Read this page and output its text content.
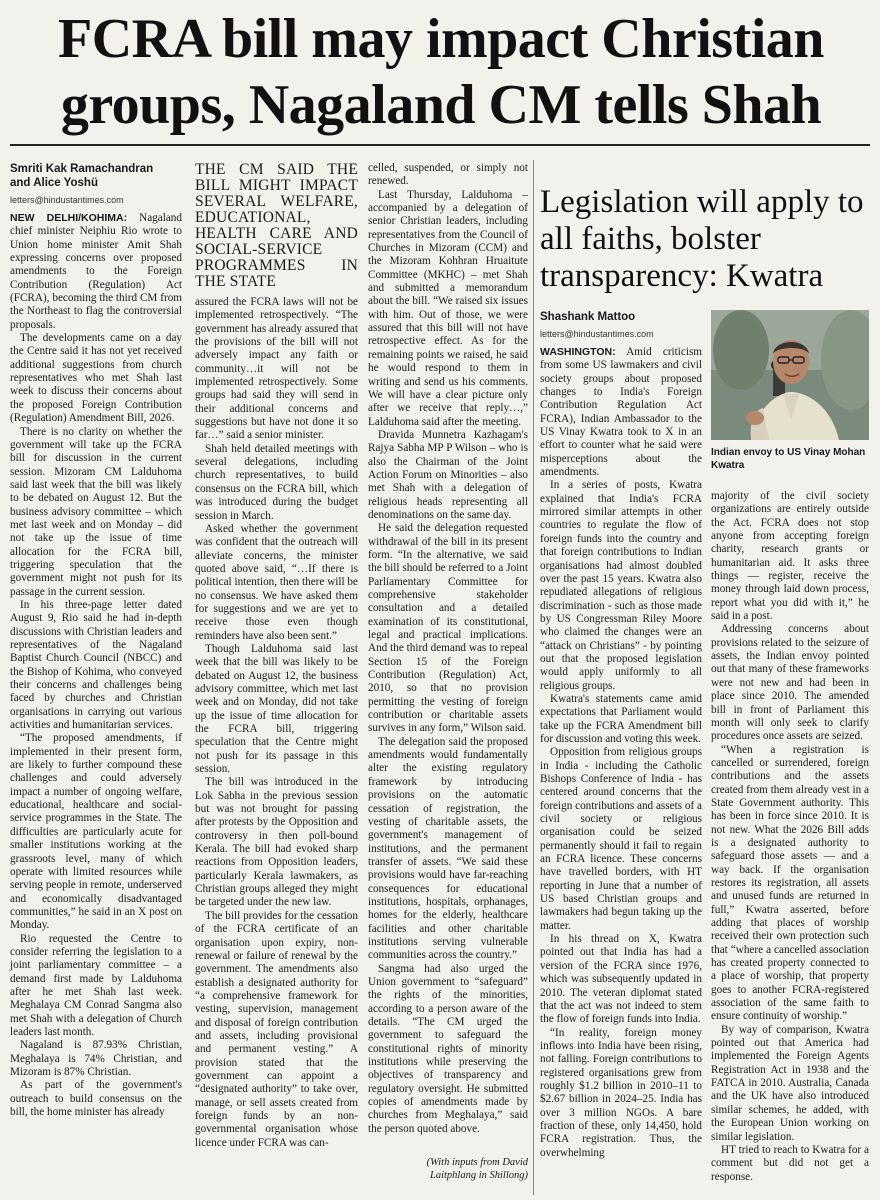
FCRA bill may impact Christian
groups, Nagaland CM tells Shah
Smriti Kak Ramachandran
and Alice Yoshü
letters@hindustantimes.com

NEW DELHI/KOHIMA: Nagaland chief minister Neiphiu Rio wrote to Union home minister Amit Shah expressing concerns over proposed amendments to the Foreign Contribution (Regulation) Act (FCRA), becoming the third CM from the Northeast to flag the controversial proposals.

The developments came on a day the Centre said it has not yet received additional suggestions from church representatives who met Shah last week to discuss their concerns about the proposed Foreign Contribution (Regulation) Amendment Bill, 2026.

There is no clarity on whether the government will take up the FCRA bill for discussion in the current session. Mizoram CM Lalduhoma said last week that the bill was likely to be debated on August 12. But the business advisory committee – which met last week and on Monday – did not take up the issue of time allocation for the FCRA bill, triggering speculation that the government might not push for its passage in the current session.

In his three-page letter dated August 9, Rio said he had in-depth discussions with Christian leaders and representatives of the Nagaland Baptist Church Council (NBCC) and the Bishop of Kohima, who conveyed their concerns and challenges being faced by churches and Christian organisations in carrying out various activities and humanitarian services.

“The proposed amendments, if implemented in their present form, are likely to further compound these challenges and could adversely impact a number of ongoing welfare, educational, healthcare and social-service programmes in the State. The difficulties are particularly acute for smaller institutions working at the grassroots level, many of which operate with limited resources while serving people in remote, underserved and economically disadvantaged communities,” he said in an X post on Monday.

Rio requested the Centre to consider referring the legislation to a joint parliamentary committee – a demand first made by Lalduhoma after he met Shah last week. Meghalaya CM Conrad Sangma also met Shah with a delegation of Church leaders last month.

Nagaland is 87.93% Christian, Meghalaya is 74% Christian, and Mizoram is 87% Christian.

As part of the government's outreach to build consensus on the bill, the home minister has already

THE CM SAID THE BILL MIGHT IMPACT SEVERAL WELFARE, EDUCATIONAL, HEALTH CARE AND SOCIAL-SERVICE PROGRAMMES IN THE STATE

assured the FCRA laws will not be implemented retrospectively. “The government has already assured that the provisions of the bill will not adversely impact any faith or community…it will not be implemented retrospectively. Some groups had said they will send in their additional concerns and suggestions but have not done it so far…” said a senior minister.

Shah held detailed meetings with several delegations, including church representatives, to build consensus on the FCRA bill, which was introduced during the budget session in March.

Asked whether the government was confident that the outreach will alleviate concerns, the minister quoted above said, “…If there is political intention, then there will be no consensus. We have asked them for suggestions and we are yet to receive those even though reminders have also been sent.”

Though Lalduhoma said last week that the bill was likely to be debated on August 12, the business advisory committee, which met last week and on Monday, did not take up the issue of time allocation for the FCRA bill, triggering speculation that the Centre might not push for its passage in this session.

The bill was introduced in the Lok Sabha in the previous session but was not brought for passing after protests by the Opposition and controversy in then poll-bound Kerala. The bill had evoked sharp reactions from Opposition leaders, particularly Kerala lawmakers, as Christian groups alleged they might be targeted under the new law.

The bill provides for the cessation of the FCRA certificate of an organisation upon expiry, non-renewal or failure of renewal by the government. The amendments also establish a designated authority for “a comprehensive framework for vesting, supervision, management and disposal of foreign contribution and assets, including provisional and permanent vesting.” A provision stated that the government can appoint a “designated authority” to take over, manage, or sell assets created from foreign funds by an non-governmental organisation whose licence under FCRA was can-

celled, suspended, or simply not renewed.

Last Thursday, Lalduhoma – accompanied by a delegation of senior Christian leaders, including representatives from the Council of Churches in Mizoram (CCM) and the Mizoram Kohhran Hruaitute Committee (MKHC) – met Shah and submitted a memorandum about the bill. “We raised six issues with him. Out of those, we were assured that this bill will not have retrospective effect. As for the remaining points we raised, he said he would respond to them in writing and send us his comments. We will have a clear picture only after we receive that reply…,” Lalduhoma said after the meeting.

Dravida Munnetra Kazhagam's Rajya Sabha MP P Wilson – who is also the Chairman of the Joint Action Forum on Minorities – also met Shah with a delegation of religious heads representing all denominations on the same day.

He said the delegation requested withdrawal of the bill in its present form. “In the alternative, we said the bill should be referred to a Joint Parliamentary Committee for comprehensive stakeholder consultation and a detailed examination of its constitutional, legal and practical implications. And the third demand was to repeal Section 15 of the Foreign Contribution (Regulation) Act, 2010, so that no provision permitting the vesting of foreign contribution or charitable assets survives in any form,” Wilson said.

The delegation said the proposed amendments would fundamentally alter the existing regulatory framework by introducing provisions on the automatic cessation of registration, the vesting of charitable assets, the government's management of institutions, and the permanent transfer of assets. “We said these provisions would have far-reaching consequences for educational institutions, hospitals, orphanages, homes for the elderly, healthcare facilities and other charitable institutions serving vulnerable communities across the country.”

Sangma had also urged the Union government to “safeguard” the rights of the minorities, according to a person aware of the details. “The CM urged the government to safeguard the constitutional rights of minority institutions while preserving the objectives of transparency and regulatory oversight. He submitted copies of amendments made by churches from Meghalaya,” said the person quoted above.

(With inputs from David Laitphlang in Shillong)
Legislation will apply to all faiths, bolster transparency: Kwatra
Shashank Mattoo
letters@hindustantimes.com

WASHINGTON: Amid criticism from some US lawmakers and civil society groups about proposed changes to India's Foreign Contribution Regulation Act FCRA), Indian Ambassador to the US Vinay Kwatra took to X in an effort to counter what he said were misperceptions about the amendments.

In a series of posts, Kwatra explained that India's FCRA mirrored similar attempts in other countries to regulate the flow of foreign funds into the country and that foreign contributions to Indian organisations had almost doubled over the past 15 years. Kwatra also repudiated allegations of religious discrimination - such as those made by US Congressman Riley Moore who claimed the changes were an “attack on Christians” - by pointing out that the proposed legislation would apply uniformly to all religious groups.

Kwatra's statements came amid expectations that Parliament would take up the FCRA Amendment bill for discussion and voting this week.

Opposition from religious groups in India - including the Catholic Bishops Conference of India - has centered around concerns that the foreign contributions and assets of a civil society or religious organisation could be seized permanently should it fail to regain an FCRA licence. These concerns have travelled borders, with HT reporting in June that a number of US based Christian groups and lawmakers had begun taking up the matter.

In his thread on X, Kwatra pointed out that India has had a version of the FCRA since 1976, which was subsequently updated in 2010. The veteran diplomat stated that the act was not indeed to stem the flow of foreign funds into India.

“In reality, foreign money inflows into India have been rising, not falling. Foreign contributions to registered organisations grew from roughly $1.2 billion in 2010–11 to $2.67 billion in 2024–25. India has over 3 million NGOs. A bare fraction of these, only 14,450, hold FCRA registration. Thus, the overwhelming

Indian envoy to US Vinay Mohan Kwatra

majority of the civil society organizations are entirely outside the Act. FCRA does not stop anyone from accepting foreign charity, research grants or humanitarian aid. It asks three things — register, receive the money through laid down process, report what you did with it,” he said in a post.

Addressing concerns about provisions related to the seizure of assets, the Indian envoy pointed out that many of these frameworks were not new and had been in place since 2010. The amended bill in front of Parliament this month will only seek to clarify procedures once assets are seized.

“When a registration is cancelled or surrendered, foreign contributions and the assets created from them already vest in a State Government authority. This has been in force since 2010. It is not new. What the 2026 Bill adds is a designated authority to safeguard those assets — and a way back. If the organisation restores its registration, all assets and unused funds are returned in full,” Kwatra asserted, before adding that places of worship received their own protection such that “where a cancelled association has created property connected to a place of worship, that property goes to another FCRA-registered association of the same faith to ensure continuity of worship.”

By way of comparison, Kwatra pointed out that America had implemented the Foreign Agents Registration Act in 1938 and the FATCA in 2010. Australia, Canada and the UK have also introduced similar schemes, he added, with the European Union working on similar legislation.

HT tried to reach to Kwatra for a comment but did not get a response.
